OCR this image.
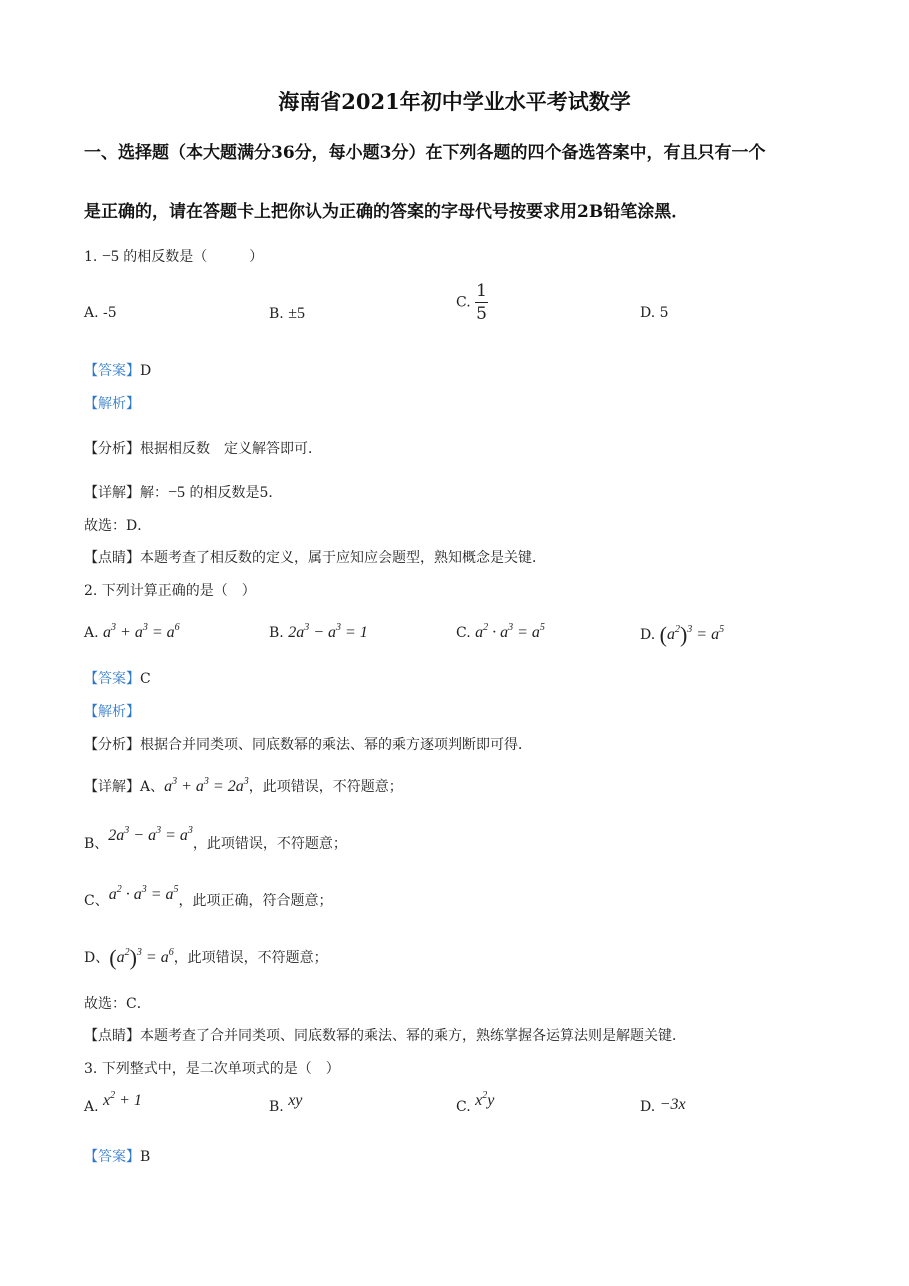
海南省2021年初中学业水平考试数学
一、选择题（本大题满分36分，每小题3分）在下列各题的四个备选答案中，有且只有一个
是正确的，请在答题卡上把你认为正确的答案的字母代号按要求用2B铅笔涂黑．
1. −5 的相反数是（　　　）
A. -5	B. ±5
C. $\frac{1}{5}$	D. 5
【答案】D
【解析】
【分析】根据相反数　定义解答即可．
【详解】解：−5 的相反数是5．
故选：D．
【点睛】本题考查了相反数的定义，属于应知应会题型，熟知概念是关键．
2. 下列计算正确的是（　）
A. $a^3 + a^3 = a^6$	B. $2a^3 - a^3 = 1$	C. $a^2 \cdot a^3 = a^5$	D. $(a^2)^3 = a^5$
【答案】C
【解析】
【分析】根据合并同类项、同底数幂的乘法、幂的乘方逐项判断即可得．
【详解】A、$a^3 + a^3 = 2a^3$，此项错误，不符题意；
B、$2a^3 - a^3 = a^3$，此项错误，不符题意；
C、$a^2 \cdot a^3 = a^5$，此项正确，符合题意；
D、$(a^2)^3 = a^6$，此项错误，不符题意；
故选：C．
【点睛】本题考查了合并同类项、同底数幂的乘法、幂的乘方，熟练掌握各运算法则是解题关键．
3. 下列整式中，是二次单项式的是（　）
A. $x^2 + 1$	B. xy	C. $x^2y$	D. −3x
【答案】B
